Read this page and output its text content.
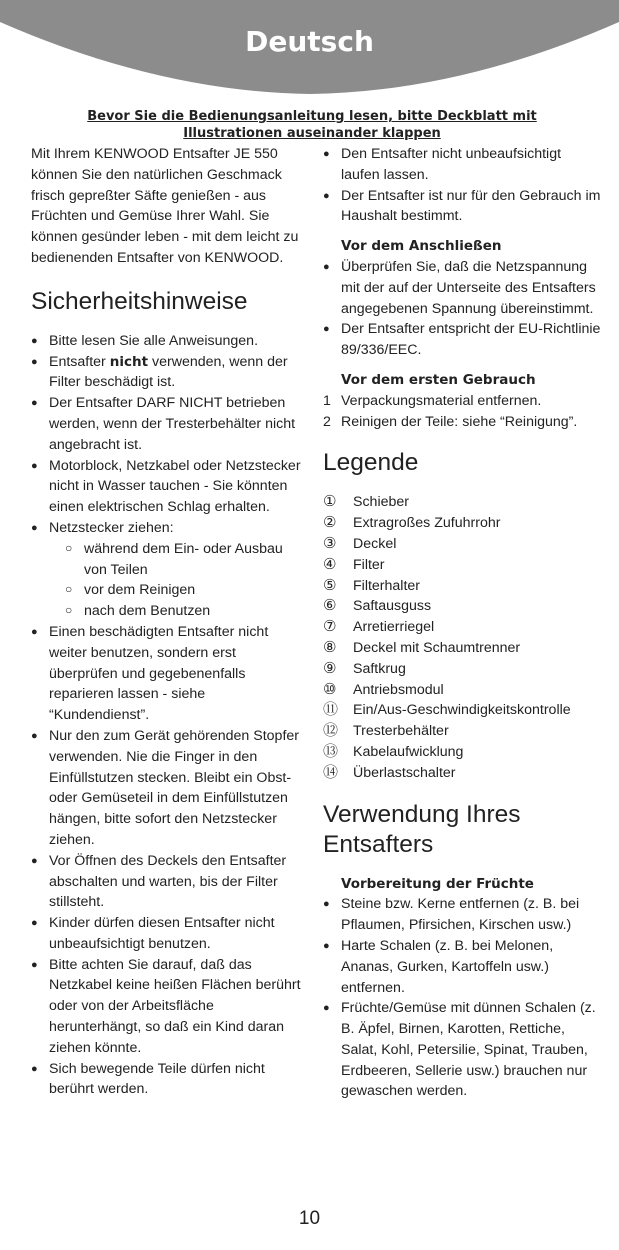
Deutsch
Bevor Sie die Bedienungsanleitung lesen, bitte Deckblatt mit Illustrationen auseinander klappen

Mit Ihrem KENWOOD Entsafter JE 550 können Sie den natürlichen Geschmack frisch gepreßter Säfte genießen - aus Früchten und Gemüse Ihrer Wahl. Sie können gesünder leben - mit dem leicht zu bedienenden Entsafter von KENWOOD.

Sicherheitshinweise
● Bitte lesen Sie alle Anweisungen.
● Entsafter nicht verwenden, wenn der Filter beschädigt ist.
● Der Entsafter DARF NICHT betrieben werden, wenn der Tresterbehälter nicht angebracht ist.
● Motorblock, Netzkabel oder Netzstecker nicht in Wasser tauchen - Sie könnten einen elektrischen Schlag erhalten.
● Netzstecker ziehen:
○ während dem Ein- oder Ausbau von Teilen
○ vor dem Reinigen
○ nach dem Benutzen
● Einen beschädigten Entsafter nicht weiter benutzen, sondern erst überprüfen und gegebenenfalls reparieren lassen - siehe “Kundendienst”.
● Nur den zum Gerät gehörenden Stopfer verwenden. Nie die Finger in den Einfüllstutzen stecken. Bleibt ein Obst- oder Gemüseteil in dem Einfüllstutzen hängen, bitte sofort den Netzstecker ziehen.
● Vor Öffnen des Deckels den Entsafter abschalten und warten, bis der Filter stillsteht.
● Kinder dürfen diesen Entsafter nicht unbeaufsichtigt benutzen.
● Bitte achten Sie darauf, daß das Netzkabel keine heißen Flächen berührt oder von der Arbeitsfläche herunterhängt, so daß ein Kind daran ziehen könnte.
● Sich bewegende Teile dürfen nicht berührt werden.
● Den Entsafter nicht unbeaufsichtigt laufen lassen.
● Der Entsafter ist nur für den Gebrauch im Haushalt bestimmt.
Vor dem Anschließen
● Überprüfen Sie, daß die Netzspannung mit der auf der Unterseite des Entsafters angegebenen Spannung übereinstimmt.
● Der Entsafter entspricht der EU-Richtlinie 89/336/EEC.
Vor dem ersten Gebrauch
1 Verpackungsmaterial entfernen.
2 Reinigen der Teile: siehe “Reinigung”.
Legende
① Schieber
② Extragroßes Zufuhrrohr
③ Deckel
④ Filter
⑤ Filterhalter
⑥ Saftausguss
⑦ Arretierriegel
⑧ Deckel mit Schaumtrenner
⑨ Saftkrug
⑩ Antriebsmodul
⑪ Ein/Aus-Geschwindigkeitskontrolle
⑫ Tresterbehälter
⑬ Kabelaufwicklung
⑭ Überlastschalter
Verwendung Ihres Entsafters
Vorbereitung der Früchte
● Steine bzw. Kerne entfernen (z. B. bei Pflaumen, Pfirsichen, Kirschen usw.)
● Harte Schalen (z. B. bei Melonen, Ananas, Gurken, Kartoffeln usw.) entfernen.
● Früchte/Gemüse mit dünnen Schalen (z. B. Äpfel, Birnen, Karotten, Rettiche, Salat, Kohl, Petersilie, Spinat, Trauben, Erdbeeren, Sellerie usw.) brauchen nur gewaschen werden.
10
